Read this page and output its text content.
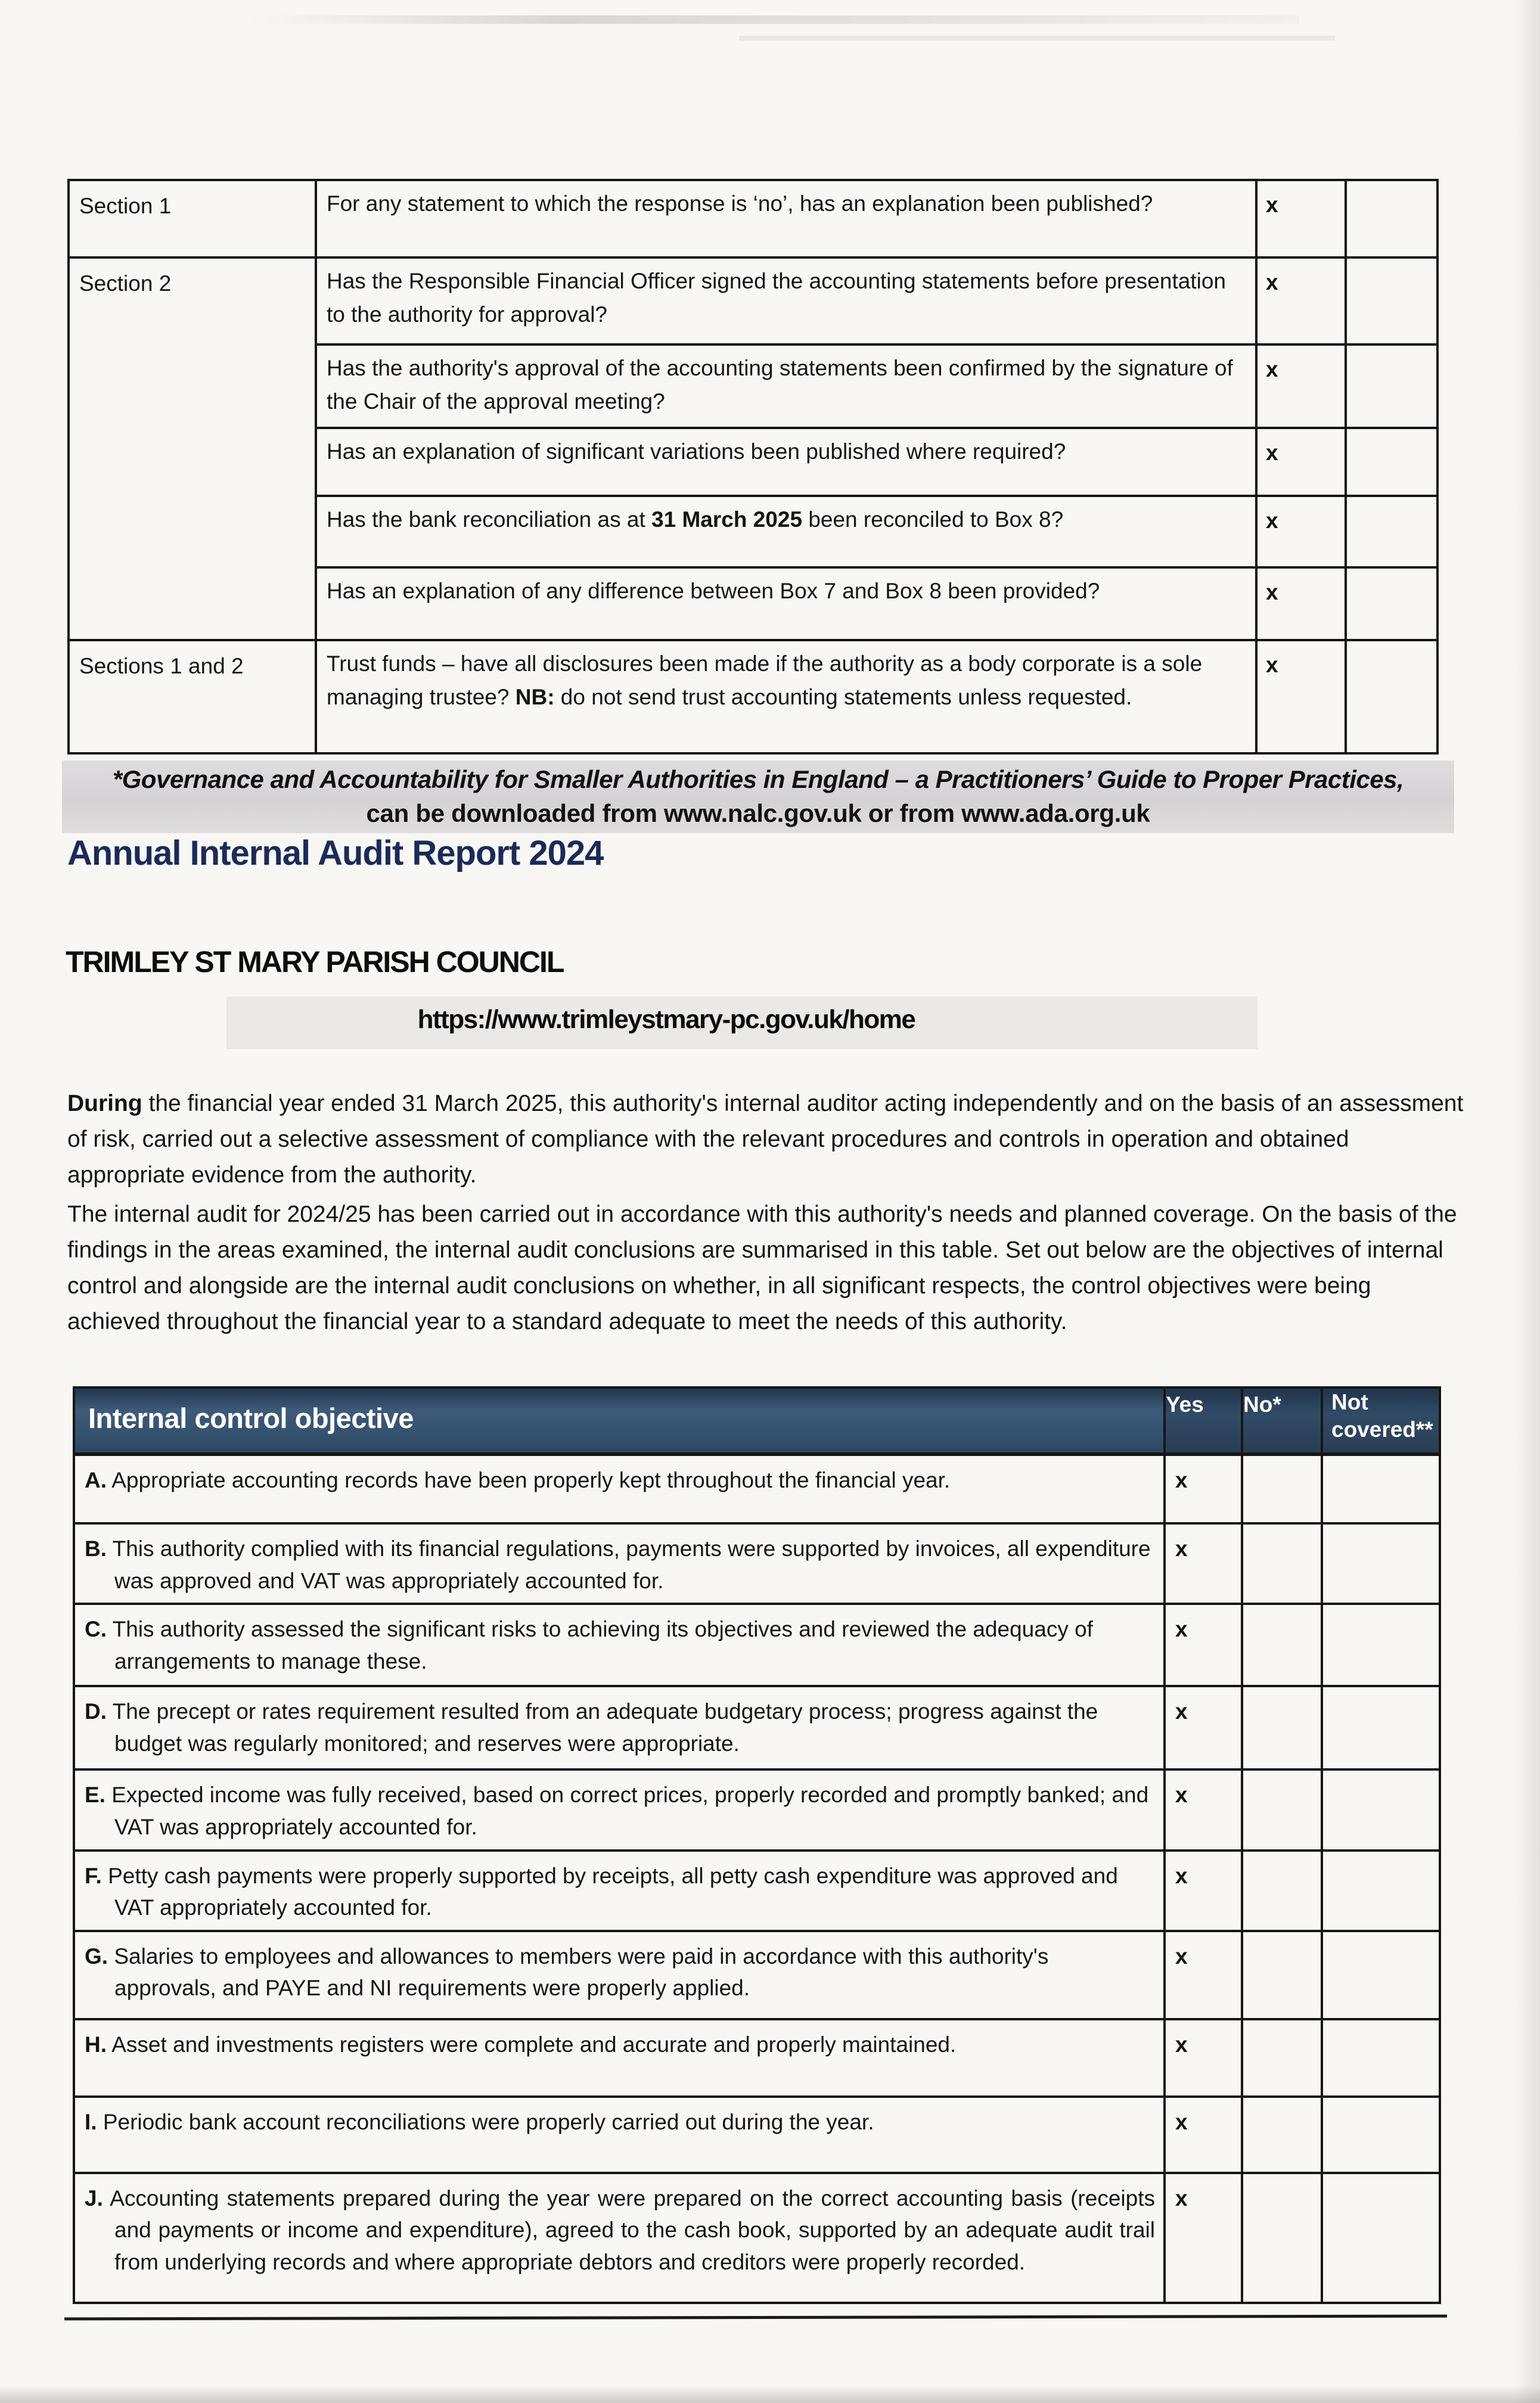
Section 1	For any statement to which the response is ‘no’, has an explanation been published?	x	
Section 2	Has the Responsible Financial Officer signed the accounting statements before presentation to the authority for approval?	x	
	Has the authority's approval of the accounting statements been confirmed by the signature of the Chair of the approval meeting?	x	
	Has an explanation of significant variations been published where required?	x	
	Has the bank reconciliation as at 31 March 2025 been reconciled to Box 8?	x	
	Has an explanation of any difference between Box 7 and Box 8 been provided?	x	
Sections 1 and 2	Trust funds – have all disclosures been made if the authority as a body corporate is a sole managing trustee? NB: do not send trust accounting statements unless requested.	x	
*Governance and Accountability for Smaller Authorities in England – a Practitioners’ Guide to Proper Practices,
can be downloaded from www.nalc.gov.uk or from www.ada.org.uk
Annual Internal Audit Report 2024
TRIMLEY ST MARY PARISH COUNCIL
https://www.trimleystmary-pc.gov.uk/home
During the financial year ended 31 March 2025, this authority's internal auditor acting independently and on the basis of an assessment of risk, carried out a selective assessment of compliance with the relevant procedures and controls in operation and obtained appropriate evidence from the authority.
The internal audit for 2024/25 has been carried out in accordance with this authority's needs and planned coverage. On the basis of the findings in the areas examined, the internal audit conclusions are summarised in this table. Set out below are the objectives of internal control and alongside are the internal audit conclusions on whether, in all significant respects, the control objectives were being achieved throughout the financial year to a standard adequate to meet the needs of this authority.
Internal control objective	Yes	No*	Not covered**
A. Appropriate accounting records have been properly kept throughout the financial year.	x		
B. This authority complied with its financial regulations, payments were supported by invoices, all expenditure was approved and VAT was appropriately accounted for.	x		
C. This authority assessed the significant risks to achieving its objectives and reviewed the adequacy of arrangements to manage these.	x		
D. The precept or rates requirement resulted from an adequate budgetary process; progress against the budget was regularly monitored; and reserves were appropriate.	x		
E. Expected income was fully received, based on correct prices, properly recorded and promptly banked; and VAT was appropriately accounted for.	x		
F. Petty cash payments were properly supported by receipts, all petty cash expenditure was approved and VAT appropriately accounted for.	x		
G. Salaries to employees and allowances to members were paid in accordance with this authority's approvals, and PAYE and NI requirements were properly applied.	x		
H. Asset and investments registers were complete and accurate and properly maintained.	x		
I. Periodic bank account reconciliations were properly carried out during the year.	x		
J. Accounting statements prepared during the year were prepared on the correct accounting basis (receipts and payments or income and expenditure), agreed to the cash book, supported by an adequate audit trail from underlying records and where appropriate debtors and creditors were properly recorded.	x		
